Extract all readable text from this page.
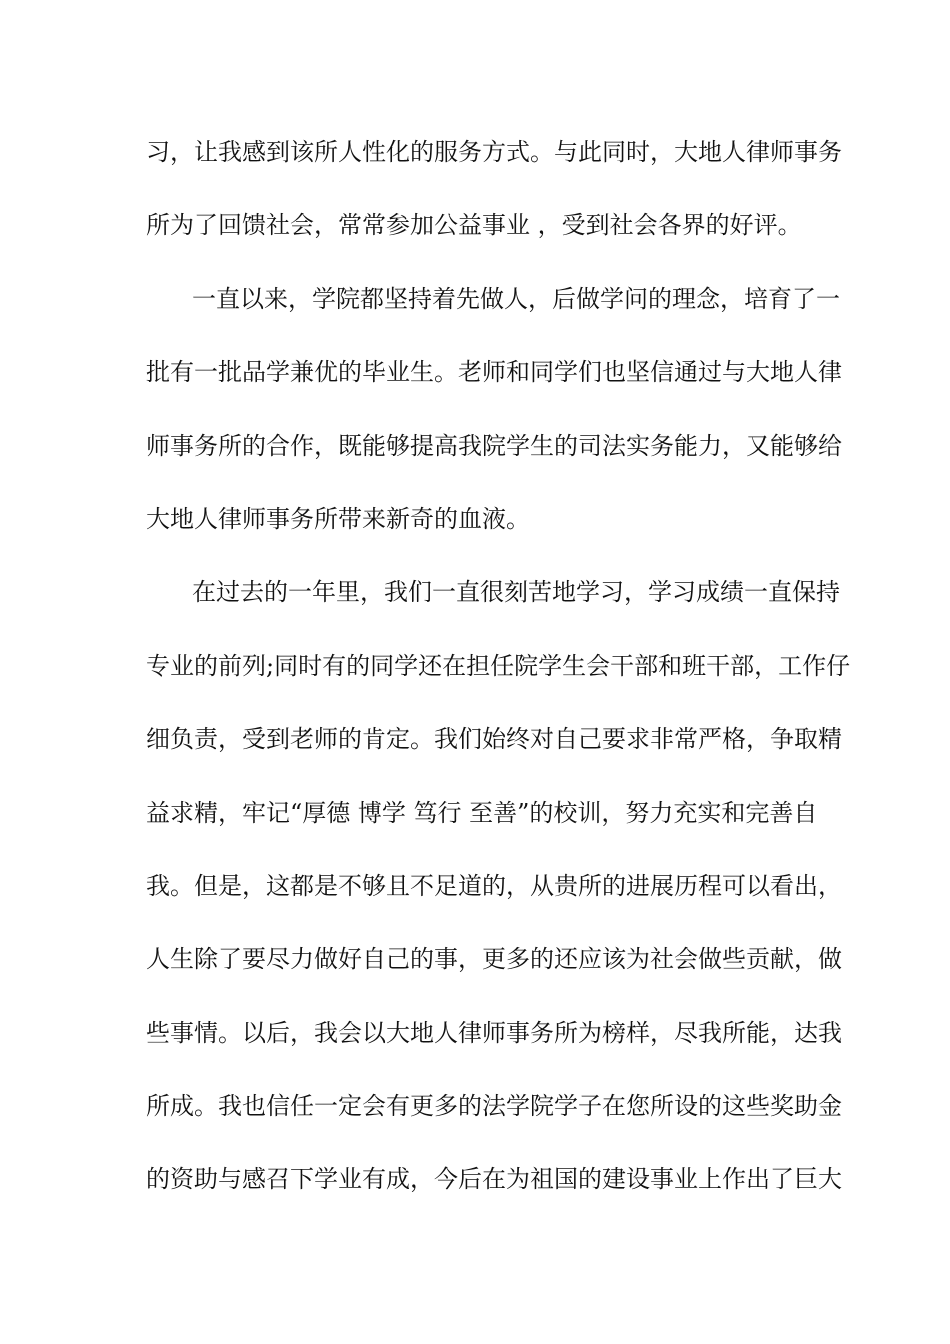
习，让我感到该所人性化的服务方式。与此同时，大地人律师事务
所为了回馈社会，常常参加公益事业 ，受到社会各界的好评。
一直以来，学院都坚持着先做人，后做学问的理念，培育了一
批有一批品学兼优的毕业生。老师和同学们也坚信通过与大地人律
师事务所的合作，既能够提高我院学生的司法实务能力，又能够给
大地人律师事务所带来新奇的血液。
在过去的一年里，我们一直很刻苦地学习，学习成绩一直保持
专业的前列;同时有的同学还在担任院学生会干部和班干部，工作仔
细负责，受到老师的肯定。我们始终对自己要求非常严格，争取精
益求精，牢记“厚德 博学 笃行 至善”的校训，努力充实和完善自
我。但是，这都是不够且不足道的，从贵所的进展历程可以看出，
人生除了要尽力做好自己的事，更多的还应该为社会做些贡献，做
些事情。以后，我会以大地人律师事务所为榜样，尽我所能，达我
所成。我也信任一定会有更多的法学院学子在您所设的这些奖助金
的资助与感召下学业有成，今后在为祖国的建设事业上作出了巨大
